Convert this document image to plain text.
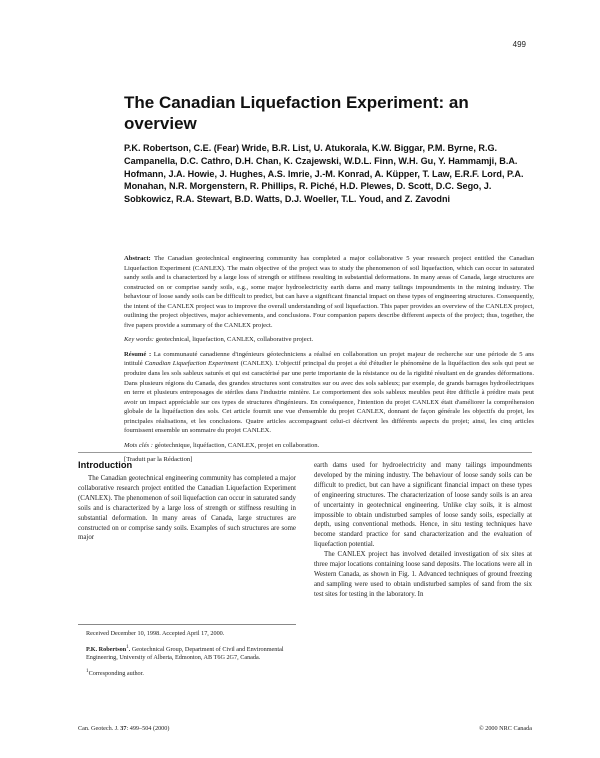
499
The Canadian Liquefaction Experiment: an overview
P.K. Robertson, C.E. (Fear) Wride, B.R. List, U. Atukorala, K.W. Biggar, P.M. Byrne, R.G. Campanella, D.C. Cathro, D.H. Chan, K. Czajewski, W.D.L. Finn, W.H. Gu, Y. Hammamji, B.A. Hofmann, J.A. Howie, J. Hughes, A.S. Imrie, J.-M. Konrad, A. Küpper, T. Law, E.R.F. Lord, P.A. Monahan, N.R. Morgenstern, R. Phillips, R. Piché, H.D. Plewes, D. Scott, D.C. Sego, J. Sobkowicz, R.A. Stewart, B.D. Watts, D.J. Woeller, T.L. Youd, and Z. Zavodni

Abstract: The Canadian geotechnical engineering community has completed a major collaborative 5 year research project entitled the Canadian Liquefaction Experiment (CANLEX). The main objective of the project was to study the phenomenon of soil liquefaction, which can occur in saturated sandy soils and is characterized by a large loss of strength or stiffness resulting in substantial deformations. In many areas of Canada, large structures are constructed on or comprise sandy soils, e.g., some major hydroelectricity earth dams and many tailings impoundments in the mining industry. The behaviour of loose sandy soils can be difficult to predict, but can have a significant financial impact on these types of engineering structures. Consequently, the intent of the CANLEX project was to improve the overall understanding of soil liquefaction. This paper provides an overview of the CANLEX project, outlining the project objectives, major achievements, and conclusions. Four companion papers describe different aspects of the project; thus, together, the five papers provide a summary of the CANLEX project.

Key words: geotechnical, liquefaction, CANLEX, collaborative project.

Résumé : La communauté canadienne d'ingénieurs géotechniciens a réalisé en collaboration un projet majeur de recherche sur une période de 5 ans intitulé Canadian Liquefaction Experiment (CANLEX). L'objectif principal du projet a été d'étudier le phénomène de la liquéfaction des sols qui peut se produire dans les sols sableux saturés et qui est caractérisé par une perte importante de la résistance ou de la rigidité résultant en de grandes déformations. Dans plusieurs régions du Canada, des grandes structures sont construites sur ou avec des sols sableux; par exemple, de grands barrages hydroélectriques en terre et plusieurs entreposages de stériles dans l'industrie minière. Le comportement des sols sableux meubles peut être difficile à prédire mais peut avoir un impact appréciable sur ces types de structures d'ingénieurs. En conséquence, l'intention du projet CANLEX était d'améliorer la compréhension globale de la liquéfaction des sols. Cet article fournit une vue d'ensemble du projet CANLEX, donnant de façon générale les objectifs du projet, les principales réalisations, et les conclusions. Quatre articles accompagnant celui-ci décrivent les différents aspects du projet; ainsi, les cinq articles fournissent ensemble un sommaire du projet CANLEX.

Mots clés : géotechnique, liquéfaction, CANLEX, projet en collaboration.

[Traduit par la Rédaction]

Introduction

The Canadian geotechnical engineering community has completed a major collaborative research project entitled the Canadian Liquefaction Experiment (CANLEX). The phenomenon of soil liquefaction can occur in saturated sandy soils and is characterized by a large loss of strength or stiffness resulting in substantial deformation. In many areas of Canada, large structures are constructed on or comprise sandy soils. Examples of such structures are some major

earth dams used for hydroelectricity and many tailings impoundments developed by the mining industry. The behaviour of loose sandy soils can be difficult to predict, but can have a significant financial impact on these types of engineering structures. The characterization of loose sandy soils is an area of uncertainty in geotechnical engineering. Unlike clay soils, it is almost impossible to obtain undisturbed samples of loose sandy soils, especially at depth, using conventional methods. Hence, in situ testing techniques have become standard practice for sand characterization and the evaluation of liquefaction potential.

The CANLEX project has involved detailed investigation of six sites at three major locations containing loose sand deposits. The locations were all in Western Canada, as shown in Fig. 1. Advanced techniques of ground freezing and sampling were used to obtain undisturbed samples of sand from the six test sites for testing in the laboratory. In

Received December 10, 1998. Accepted April 17, 2000.
P.K. Robertson$^1$. Geotechnical Group, Department of Civil and Environmental Engineering, University of Alberta, Edmonton, AB T6G 2G7, Canada.
$^1$Corresponding author.
Can. Geotech. J. 37: 499–504 (2000)	© 2000 NRC Canada
